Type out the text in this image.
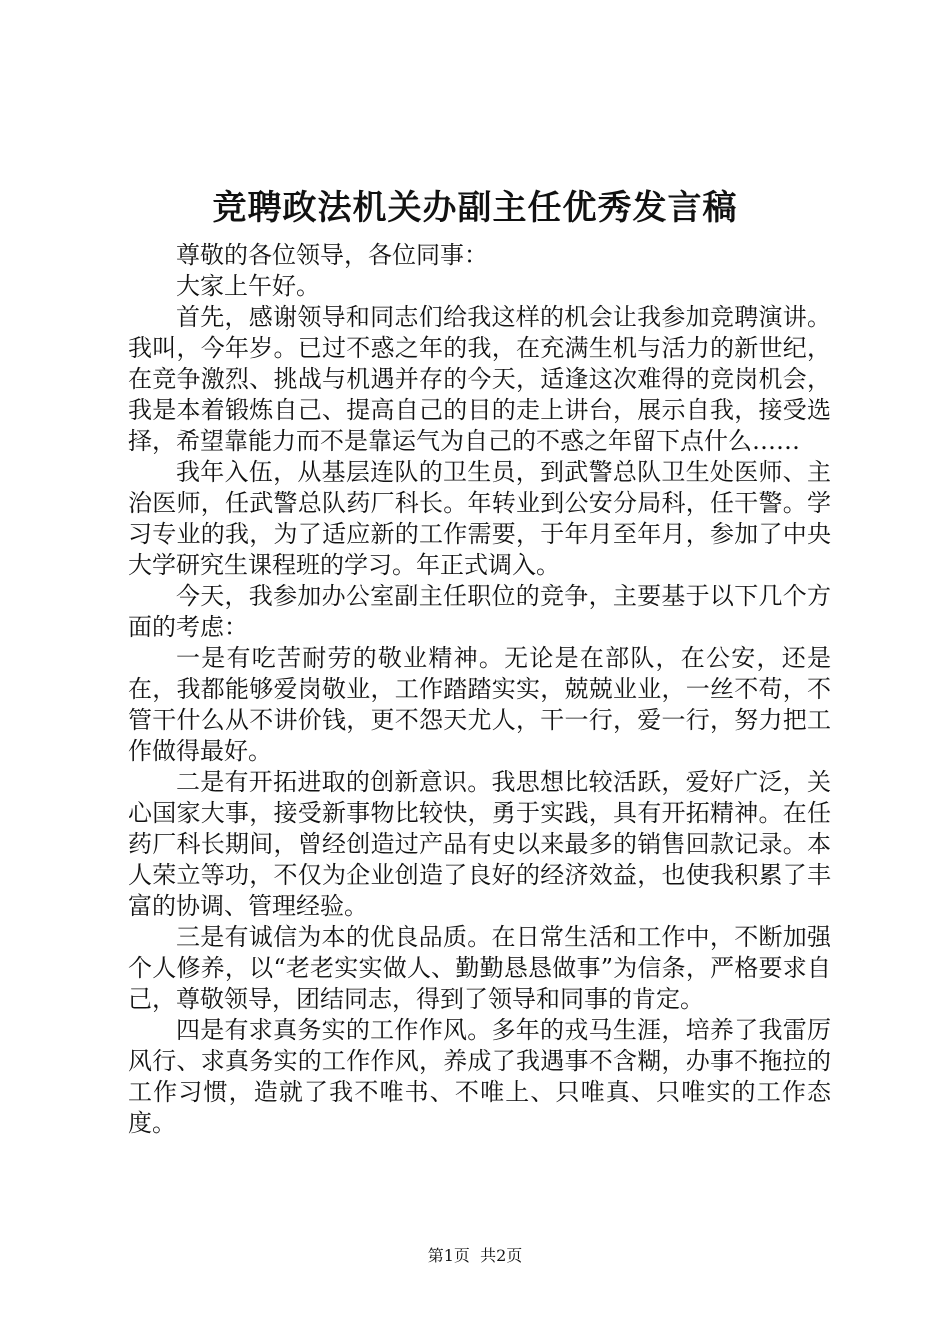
竞聘政法机关办副主任优秀发言稿

尊敬的各位领导，各位同事：

大家上午好。

首先，感谢领导和同志们给我这样的机会让我参加竞聘演讲。我叫，今年岁。已过不惑之年的我，在充满生机与活力的新世纪，在竞争激烈、挑战与机遇并存的今天，适逢这次难得的竞岗机会，我是本着锻炼自己、提高自己的目的走上讲台，展示自我，接受选择，希望靠能力而不是靠运气为自己的不惑之年留下点什么……

我年入伍，从基层连队的卫生员，到武警总队卫生处医师、主治医师，任武警总队药厂科长。年转业到公安分局科，任干警。学习专业的我，为了适应新的工作需要，于年月至年月，参加了中央大学研究生课程班的学习。年正式调入。

今天，我参加办公室副主任职位的竞争，主要基于以下几个方面的考虑：

一是有吃苦耐劳的敬业精神。无论是在部队，在公安，还是在，我都能够爱岗敬业，工作踏踏实实，兢兢业业，一丝不苟，不管干什么从不讲价钱，更不怨天尤人，干一行，爱一行，努力把工作做得最好。

二是有开拓进取的创新意识。我思想比较活跃，爱好广泛，关心国家大事，接受新事物比较快，勇于实践，具有开拓精神。在任药厂科长期间，曾经创造过产品有史以来最多的销售回款记录。本人荣立等功，不仅为企业创造了良好的经济效益，也使我积累了丰富的协调、管理经验。

三是有诚信为本的优良品质。在日常生活和工作中，不断加强个人修养，以“老老实实做人、勤勤恳恳做事”为信条，严格要求自己，尊敬领导，团结同志，得到了领导和同事的肯定。

四是有求真务实的工作作风。多年的戎马生涯，培养了我雷厉风行、求真务实的工作作风，养成了我遇事不含糊，办事不拖拉的工作习惯，造就了我不唯书、不唯上、只唯真、只唯实的工作态度。

第1页  共2页
